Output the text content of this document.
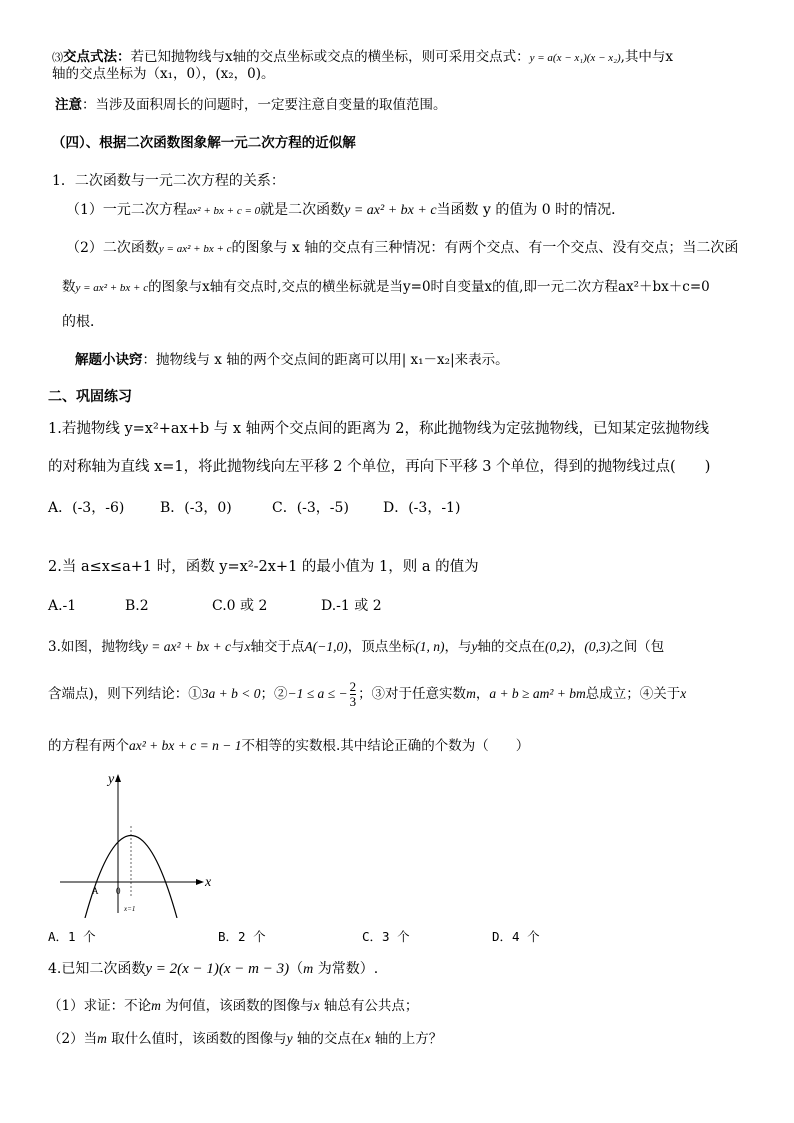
⑶交点式法：若已知抛物线与x轴的交点坐标或交点的横坐标，则可采用交点式：y = a(x − x₁)(x − x₂),其中与x
轴的交点坐标为（x₁，0），(x₂，0)。
注意：当涉及面积周长的问题时，一定要注意自变量的取值范围。
（四）、根据二次函数图象解一元二次方程的近似解
1．二次函数与一元二次方程的关系：
（1）一元二次方程ax² + bx + c = 0就是二次函数y = ax² + bx + c当函数 y 的值为 0 时的情况．
（2）二次函数y = ax² + bx + c的图象与 x 轴的交点有三种情况：有两个交点、有一个交点、没有交点；当二次函
数y = ax² + bx + c的图象与x轴有交点时,交点的横坐标就是当y=0时自变量x的值,即一元二次方程ax²＋bx＋c=0
的根．
解题小诀窍：抛物线与 x 轴的两个交点间的距离可以用| x₁－x₂|来表示。
二、巩固练习
1.若抛物线 y=x²+ax+b 与 x 轴两个交点间的距离为 2，称此抛物线为定弦抛物线，已知某定弦抛物线
的对称轴为直线 x=1，将此抛物线向左平移 2 个单位，再向下平移 3 个单位，得到的抛物线过点(　　)
A．(-3，-6)	B．(-3，0)	C．(-3，-5) D．(-3，-1)
2.当 a≤x≤a+1 时，函数 y=x²-2x+1 的最小值为 1，则 a 的值为
A.-1	B.2	C.0 或 2	D.-1 或 2
3.如图，抛物线y = ax² + bx + c与x轴交于点A(−1,0)，顶点坐标(1, n)，与y轴的交点在(0,2)，(0,3)之间（包
含端点)，则下列结论：①3a + b < 0；②−1 ≤ a ≤ − $\frac{2}{3}$ ；③对于任意实数m，a + b ≥ am² + bm总成立；④关于x
的方程有两个ax² + bx + c = n − 1不相等的实数根.其中结论正确的个数为（　　）
y
x
A 0
x=1
A．1 个	B．2 个	C．3 个	D．4 个
4.已知二次函数y = 2(x − 1)(x − m − 3)（m 为常数）.
（1）求证：不论m 为何值，该函数的图像与x 轴总有公共点；
（2）当m 取什么值时，该函数的图像与y 轴的交点在x 轴的上方？
